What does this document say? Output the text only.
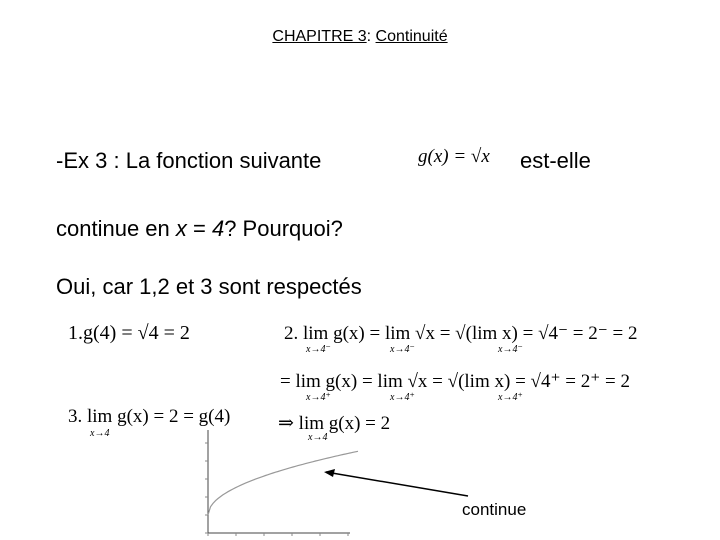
CHAPITRE 3: Continuité
-Ex 3 : La fonction suivante	g(x) = √x est-elle
continue en x = 4? Pourquoi?
Oui, car 1,2 et 3 sont respectés
1.g(4) = √4 = 2	2. lim g(x) = lim √x = √(lim x) = √4⁻ = 2⁻ = 2
x→4⁻	x→4⁻	x→4⁻
= lim g(x) = lim √x = √(lim x) = √4⁺ = 2⁺ = 2
x→4⁺	x→4⁺	x→4⁺
3. lim g(x) = 2 = g(4)
x→4	⇒ lim g(x) = 2
x→4
continue
